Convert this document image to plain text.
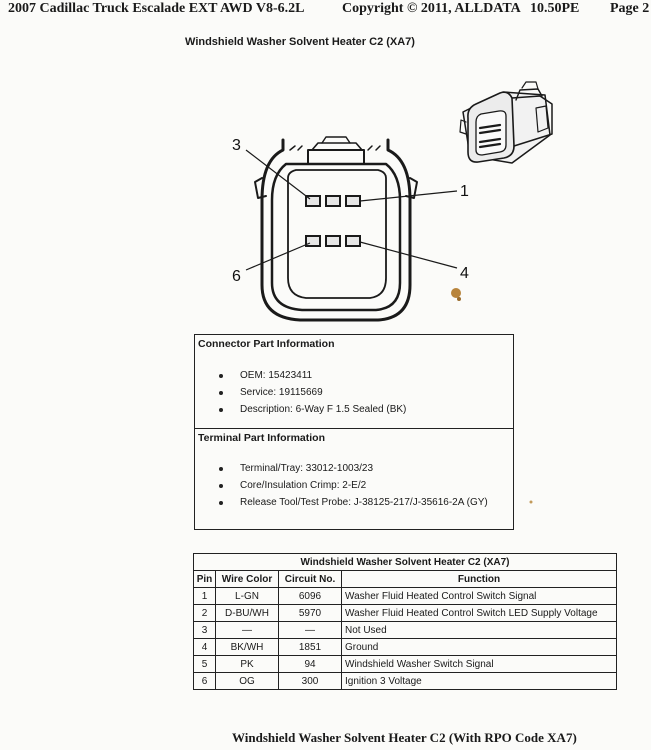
2007 Cadillac Truck Escalade EXT AWD V8-6.2L	Copyright © 2011, ALLDATA 10.50PE Page 2
Windshield Washer Solvent Heater C2 (XA7)
3
1
6	4
Connector Part Information
OEM: 15423411
Service: 19115669
Description: 6-Way F 1.5 Sealed (BK)
Terminal Part Information
Terminal/Tray: 33012-1003/23
Core/Insulation Crimp: 2-E/2
Release Tool/Test Probe: J-38125-217/J-35616-2A (GY)
Windshield Washer Solvent Heater C2 (XA7)			
Pin	Wire Color	Circuit No.	Function
1	L-GN	6096	Washer Fluid Heated Control Switch Signal
2	D-BU/WH	5970	Washer Fluid Heated Control Switch LED Supply Voltage
3	—	—	Not Used
4	BK/WH	1851	Ground
5	PK	94	Windshield Washer Switch Signal
6	OG	300	Ignition 3 Voltage
Windshield Washer Solvent Heater C2 (With RPO Code XA7)
